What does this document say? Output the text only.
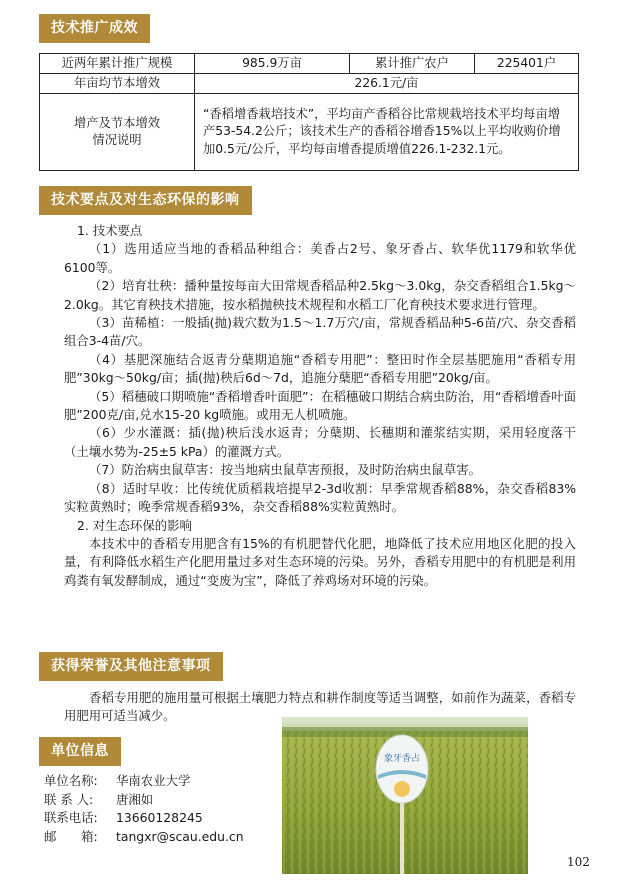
技术推广成效
近两年累计推广规模	985.9万亩	累计推广农户	225401户
年亩均节本增效	226.1元/亩		
增产及节本增效
情况说明	“香稻增香栽培技术”，平均亩产香稻谷比常规栽培技术平均每亩增产53-54.2公斤；该技术生产的香稻谷增香15%以上平均收购价增加0.5元/公斤，平均每亩增香提质增值226.1-232.1元。		
技术要点及对生态环保的影响

1. 技术要点

（1）选用适应当地的香稻品种组合：美香占2号、象牙香占、软华优1179和软华优6100等。

（2）培育壮秧：播种量按每亩大田常规香稻品种2.5kg～3.0kg，杂交香稻组合1.5kg～2.0kg。其它育秧技术措施，按水稻抛秧技术规程和水稻工厂化育秧技术要求进行管理。

（3）苗稀植：一般插(抛)栽穴数为1.5～1.7万穴/亩，常规香稻品种5-6苗/穴、杂交香稻组合3-4苗/穴。

（4）基肥深施结合返青分蘖期追施“香稻专用肥”：整田时作全层基肥施用“香稻专用肥”30kg～50kg/亩；插(抛)秧后6d～7d，追施分蘖肥“香稻专用肥”20kg/亩。

（5）稻穗破口期喷施“香稻增香叶面肥”：在稻穗破口期结合病虫防治，用“香稻增香叶面肥”200克/亩,兑水15-20 kg喷施。或用无人机喷施。

（6）少水灌溉：插(抛)秧后浅水返青；分蘖期、长穗期和灌浆结实期，采用轻度落干（土壤水势为-25±5 kPa）的灌溉方式。

（7）防治病虫鼠草害：按当地病虫鼠草害预报，及时防治病虫鼠草害。

（8）适时早收：比传统优质稻栽培提早2-3d收割：早季常规香稻88%，杂交香稻83%实粒黄熟时；晚季常规香稻93%，杂交香稻88%实粒黄熟时。

2. 对生态环保的影响

本技术中的香稻专用肥含有15%的有机肥替代化肥，地降低了技术应用地区化肥的投入量，有利降低水稻生产化肥用量过多对生态环境的污染。另外，香稻专用肥中的有机肥是利用鸡粪有氧发酵制成，通过“变废为宝”，降低了养鸡场对环境的污染。

获得荣誉及其他注意事项

香稻专用肥的施用量可根据土壤肥力特点和耕作制度等适当调整，如前作为蔬菜，香稻专用肥用可适当减少。

单位信息
单位名称:	华南农业大学
联 系 人:	唐湘如
联系电话:	13660128245
邮　　箱:	tangxr@scau.edu.cn
象牙香占
102
